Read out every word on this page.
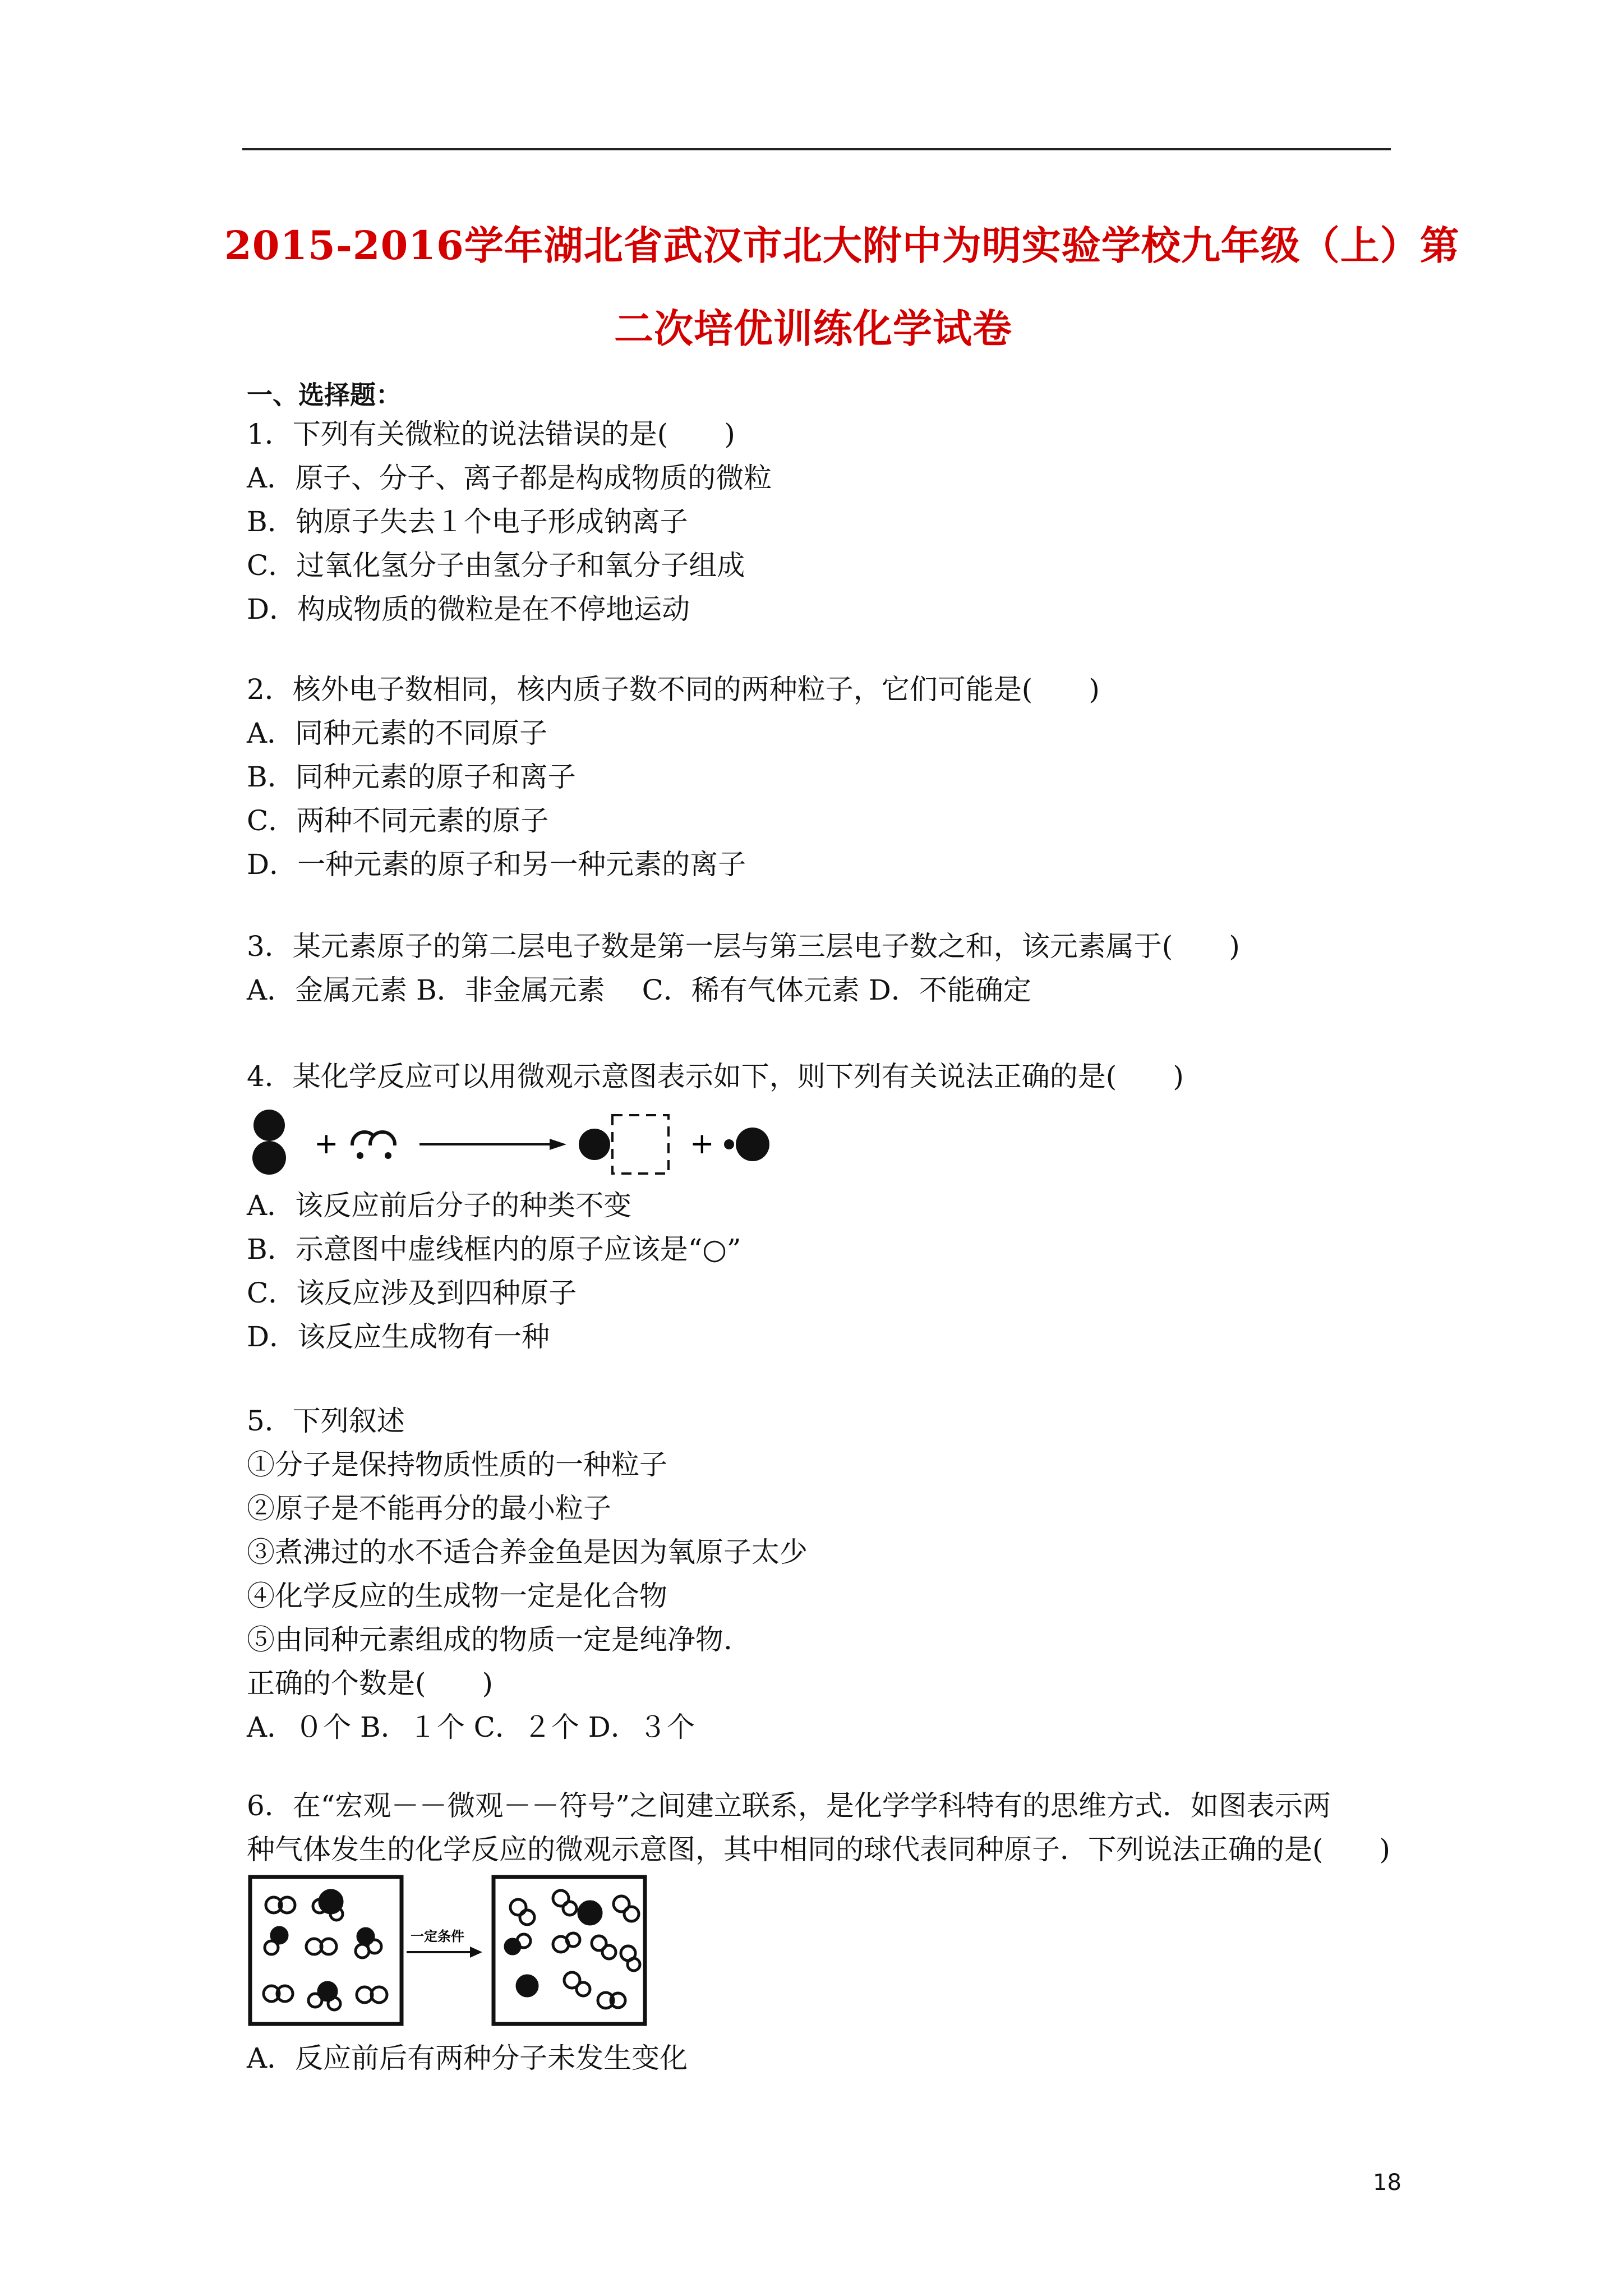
2015-2016学年湖北省武汉市北大附中为明实验学校九年级（上）第
二次培优训练化学试卷
一、选择题：
1．下列有关微粒的说法错误的是(　　)
A．原子、分子、离子都是构成物质的微粒
B．钠原子失去１个电子形成钠离子
C．过氧化氢分子由氢分子和氧分子组成
D．构成物质的微粒是在不停地运动
2．核外电子数相同，核内质子数不同的两种粒子，它们可能是(　　)
A．同种元素的不同原子
B．同种元素的原子和离子
C．两种不同元素的原子
D．一种元素的原子和另一种元素的离子
3．某元素原子的第二层电子数是第一层与第三层电子数之和，该元素属于(　　)
A．金属元素 B．非金属元素　 C．稀有气体元素 D．不能确定
4．某化学反应可以用微观示意图表示如下，则下列有关说法正确的是(　　)
+	+
A．该反应前后分子的种类不变
B．示意图中虚线框内的原子应该是“○”
C．该反应涉及到四种原子
D．该反应生成物有一种
5．下列叙述
①分子是保持物质性质的一种粒子
②原子是不能再分的最小粒子
③煮沸过的水不适合养金鱼是因为氧原子太少
④化学反应的生成物一定是化合物
⑤由同种元素组成的物质一定是纯净物.
正确的个数是(　　)
A．０个 B．１个 C．２个 D．３个
6．在“宏观－－微观－－符号”之间建立联系，是化学学科特有的思维方式．如图表示两
种气体发生的化学反应的微观示意图，其中相同的球代表同种原子．下列说法正确的是(　　)
一定条件
A．反应前后有两种分子未发生变化
18
